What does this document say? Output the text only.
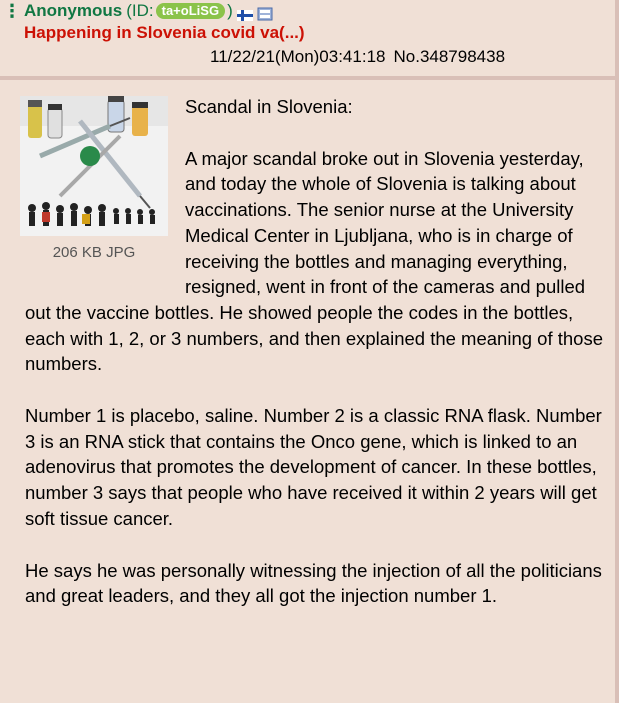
⋮ Anonymous (ID: ta+oLiSG )
Happening in Slovenia covid va(...)
11/22/21(Mon)03:41:18 No.348798438
206 KB JPG

Scandal in Slovenia:

A major scandal broke out in Slovenia yesterday, and today the whole of Slovenia is talking about vaccinations. The senior nurse at the University Medical Center in Ljubljana, who is in charge of receiving the bottles and managing everything, resigned, went in front of the cameras and pulled out the vaccine bottles. He showed people the codes in the bottles, each with 1, 2, or 3 numbers, and then explained the meaning of those numbers.

Number 1 is placebo, saline. Number 2 is a classic RNA flask. Number 3 is an RNA stick that contains the Onco gene, which is linked to an adenovirus that promotes the development of cancer. In these bottles, number 3 says that people who have received it within 2 years will get soft tissue cancer.

He says he was personally witnessing the injection of all the politicians and great leaders, and they all got the injection number 1.
